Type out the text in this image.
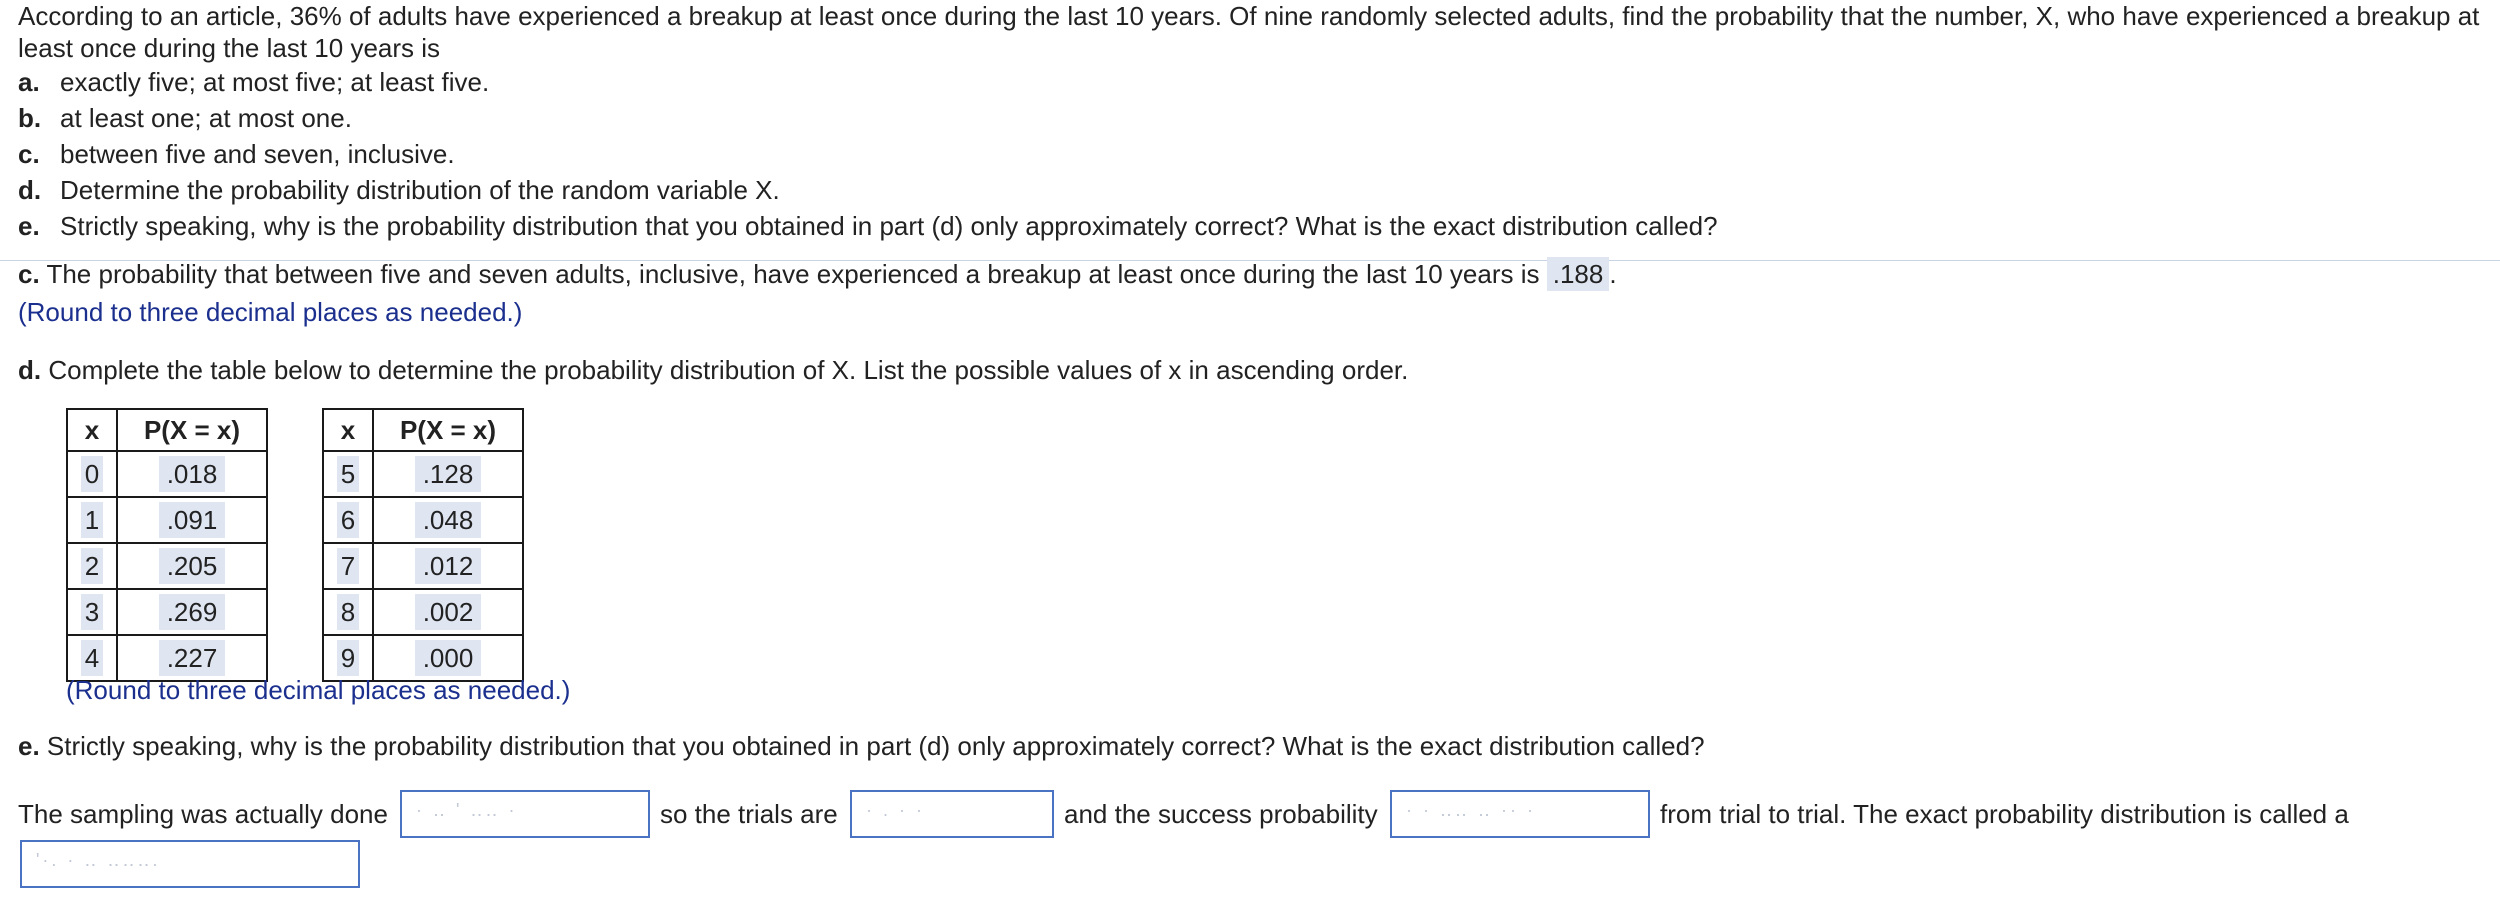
According to an article, 36% of adults have experienced a breakup at least once during the last 10 years. Of nine randomly selected adults, find the probability that the number, X, who have experienced a breakup at least once during the last 10 years is

a. exactly five; at most five; at least five.
b. at least one; at most one.
c. between five and seven, inclusive.
d. Determine the probability distribution of the random variable X.
e. Strictly speaking, why is the probability distribution that you obtained in part (d) only approximately correct? What is the exact distribution called?
c. The probability that between five and seven adults, inclusive, have experienced a breakup at least once during the last 10 years is .188 .
(Round to three decimal places as needed.)
d. Complete the table below to determine the probability distribution of X. List the possible values of x in ascending order.
x	P(X = x)
0	.018
1	.091
2	.205
3	.269
4	.227
x	P(X = x)
5	.128
6	.048
7	.012
8	.002
9	.000
(Round to three decimal places as needed.)
e. Strictly speaking, why is the probability distribution that you obtained in part (d) only approximately correct? What is the exact distribution called?
The sampling was actually done · ‥ ' ‥‥ ·	so the trials are · . · ·	and the success probability · · ‥‥ ‥ ·· ·	from trial to trial. The exact probability distribution is called a
'·. · ‥ ‥‥‥.
